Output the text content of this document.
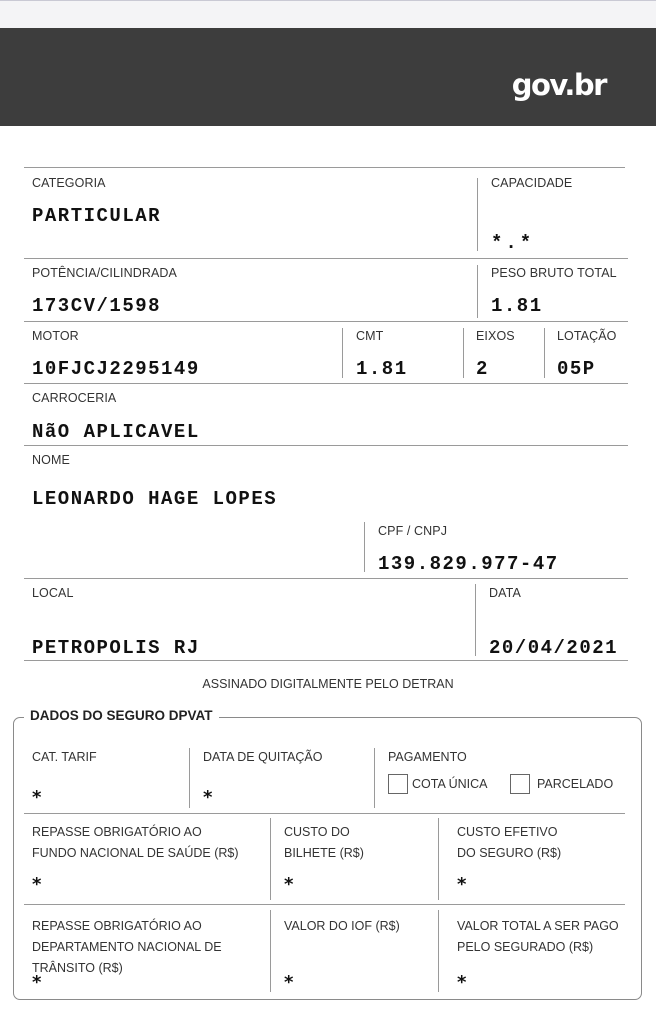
gov.br
CATEGORIA
PARTICULAR
CAPACIDADE
*.*
POTÊNCIA/CILINDRADA
173CV/1598
PESO BRUTO TOTAL
1.81
MOTOR
10FJCJ2295149
CMT
1.81
EIXOS
2
LOTAÇÃO
05P
CARROCERIA
NãO APLICAVEL
NOME
LEONARDO HAGE LOPES
CPF / CNPJ
139.829.977-47
LOCAL
PETROPOLIS RJ
DATA
20/04/2021
ASSINADO DIGITALMENTE PELO DETRAN
DADOS DO SEGURO DPVAT
CAT. TARIF
*
DATA DE QUITAÇÃO
*
PAGAMENTO
COTA ÚNICA	PARCELADO
REPASSE OBRIGATÓRIO AO
FUNDO NACIONAL DE SAÚDE (R$)
*
CUSTO DO
BILHETE (R$)
*
CUSTO EFETIVO
DO SEGURO (R$)
*
REPASSE OBRIGATÓRIO AO
DEPARTAMENTO NACIONAL DE
TRÂNSITO (R$)
*
VALOR DO IOF (R$)
*
VALOR TOTAL A SER PAGO
PELO SEGURADO (R$)
*
